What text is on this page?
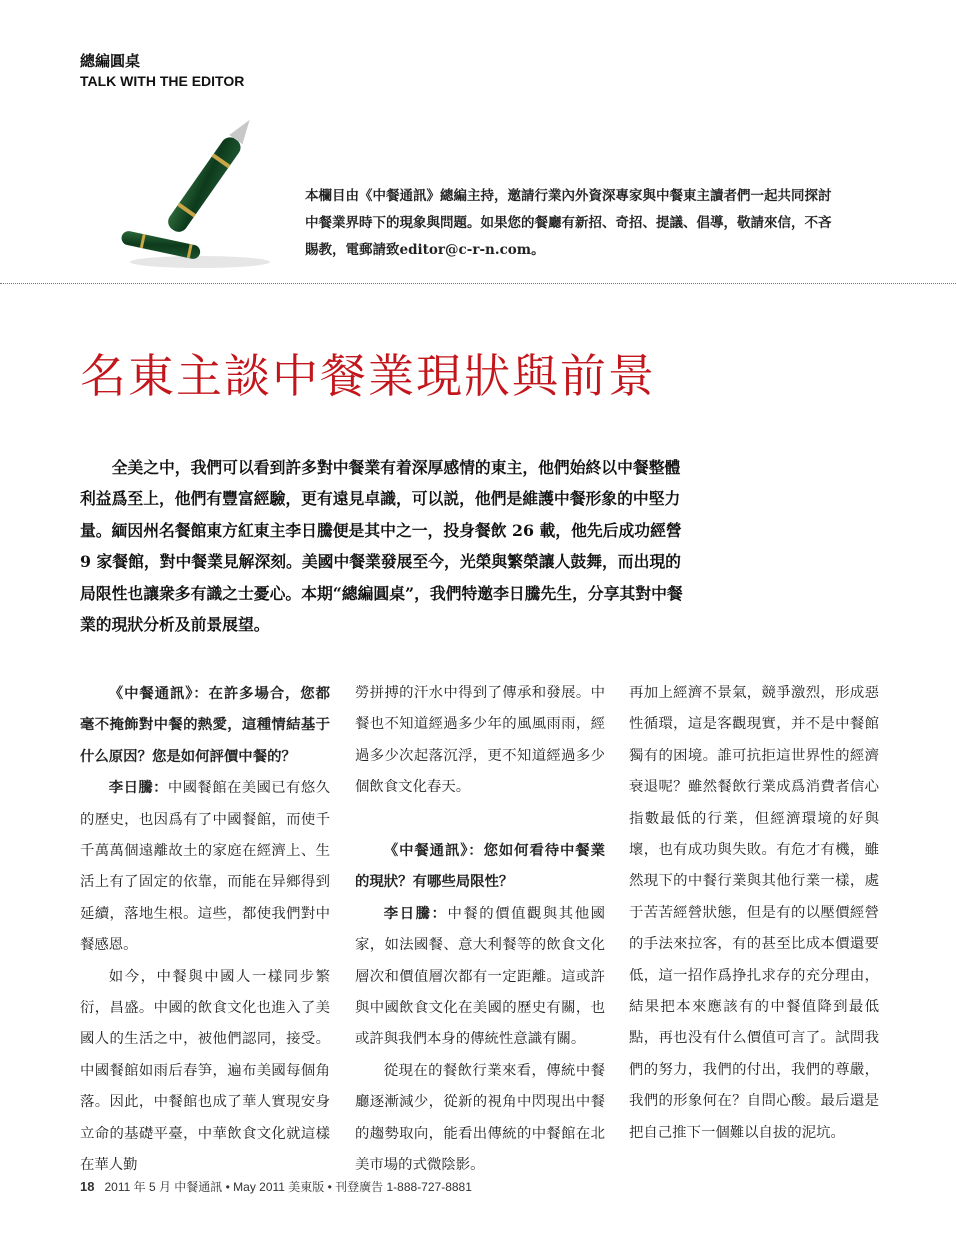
總編圓桌
TALK WITH THE EDITOR
本欄目由《中餐通訊》總編主持，邀請行業內外資深專家與中餐東主讀者們一起共同探討中餐業界時下的現象與問題。如果您的餐廳有新招、奇招、提議、倡導，敬請來信，不吝賜教，電郵請致editor@c-r-n.com。
名東主談中餐業現狀與前景
全美之中，我們可以看到許多對中餐業有着深厚感情的東主，他們始終以中餐整體利益爲至上，他們有豐富經驗，更有遠見卓識，可以説，他們是維護中餐形象的中堅力量。緬因州名餐館東方紅東主李日騰便是其中之一，投身餐飲 26 載，他先后成功經營 9 家餐館，對中餐業見解深刻。美國中餐業發展至今，光榮與繁榮讓人鼓舞，而出現的局限性也讓衆多有識之士憂心。本期“總編圓桌”，我們特邀李日騰先生，分享其對中餐業的現狀分析及前景展望。

《中餐通訊》：在許多場合，您都毫不掩飾對中餐的熱愛，這種情結基于什么原因？您是如何評價中餐的？

李日騰：中國餐館在美國已有悠久的歷史，也因爲有了中國餐館，而使千千萬萬個遠離故土的家庭在經濟上、生活上有了固定的依靠，而能在异鄉得到延續，落地生根。這些，都使我們對中餐感恩。

如今，中餐與中國人一樣同步繁衍，昌盛。中國的飲食文化也進入了美國人的生活之中，被他們認同，接受。中國餐館如雨后春笋，遍布美國每個角落。因此，中餐館也成了華人實現安身立命的基礎平臺，中華飲食文化就這樣在華人勤

勞拼搏的汗水中得到了傳承和發展。中餐也不知道經過多少年的風風雨雨，經過多少次起落沉浮，更不知道經過多少個飲食文化春天。

《中餐通訊》：您如何看待中餐業的現狀？有哪些局限性？

李日騰：中餐的價值觀與其他國家，如法國餐、意大利餐等的飲食文化層次和價值層次都有一定距離。這或許與中國飲食文化在美國的歷史有關，也或許與我們本身的傳統性意識有關。

從現在的餐飲行業來看，傳統中餐廳逐漸減少，從新的視角中閃現出中餐的趨勢取向，能看出傳統的中餐館在北美市場的式微陰影。

再加上經濟不景氣，競爭激烈，形成惡性循環，這是客觀現實，并不是中餐館獨有的困境。誰可抗拒這世界性的經濟衰退呢？雖然餐飲行業成爲消費者信心指數最低的行業，但經濟環境的好與壞，也有成功與失敗。有危才有機，雖然現下的中餐行業與其他行業一樣，處于苦苦經營狀態，但是有的以壓價經營的手法來拉客，有的甚至比成本價還要低，這一招作爲挣扎求存的充分理由，結果把本來應該有的中餐值降到最低點，再也没有什么價值可言了。試問我們的努力，我們的付出，我們的尊嚴，我們的形象何在？自問心酸。最后還是把自己推下一個難以自拔的泥坑。

18 2011 年 5 月 中餐通訊 • May 2011 美東版 • 刊登廣告 1-888-727-8881
